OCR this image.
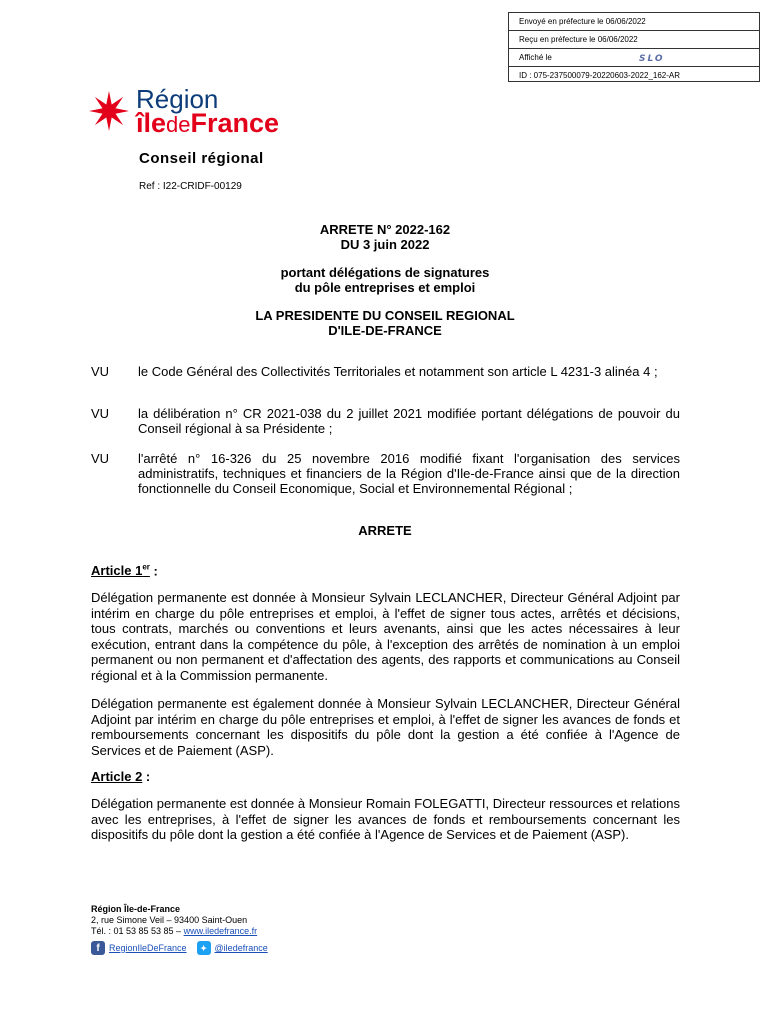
Envoyé en préfecture le 06/06/2022
Reçu en préfecture le 06/06/2022
Affiché le	SLO
ID : 075-237500079-20220603-2022_162-AR
Région
îledeFrance
Conseil régional
Ref : I22-CRIDF-00129
ARRETE N° 2022-162
DU 3 juin 2022
portant délégations de signatures
du pôle entreprises et emploi
LA PRESIDENTE DU CONSEIL REGIONAL
D'ILE-DE-FRANCE
VU le Code Général des Collectivités Territoriales et notamment son article L 4231-3 alinéa 4 ;
VU la délibération n° CR 2021-038 du 2 juillet 2021 modifiée portant délégations de pouvoir du Conseil régional à sa Présidente ;
VU l'arrêté n° 16-326 du 25 novembre 2016 modifié fixant l'organisation des services administratifs, techniques et financiers de la Région d'Ile-de-France ainsi que de la direction fonctionnelle du Conseil Economique, Social et Environnemental Régional ;
ARRETE
Article 1er :
Délégation permanente est donnée à Monsieur Sylvain LECLANCHER, Directeur Général Adjoint par intérim en charge du pôle entreprises et emploi, à l'effet de signer tous actes, arrêtés et décisions, tous contrats, marchés ou conventions et leurs avenants, ainsi que les actes nécessaires à leur exécution, entrant dans la compétence du pôle, à l'exception des arrêtés de nomination à un emploi permanent ou non permanent et d'affectation des agents, des rapports et communications au Conseil régional et à la Commission permanente.
Délégation permanente est également donnée à Monsieur Sylvain LECLANCHER, Directeur Général Adjoint par intérim en charge du pôle entreprises et emploi, à l'effet de signer les avances de fonds et remboursements concernant les dispositifs du pôle dont la gestion a été confiée à l'Agence de Services et de Paiement (ASP).
Article 2 :
Délégation permanente est donnée à Monsieur Romain FOLEGATTI, Directeur ressources et relations avec les entreprises, à l'effet de signer les avances de fonds et remboursements concernant les dispositifs du pôle dont la gestion a été confiée à l'Agence de Services et de Paiement (ASP).
Région Île-de-France
2, rue Simone Veil – 93400 Saint-Ouen
Tél. : 01 53 85 53 85 – www.iledefrance.fr
f	RegionIleDeFrance	✦ @iledefrance
